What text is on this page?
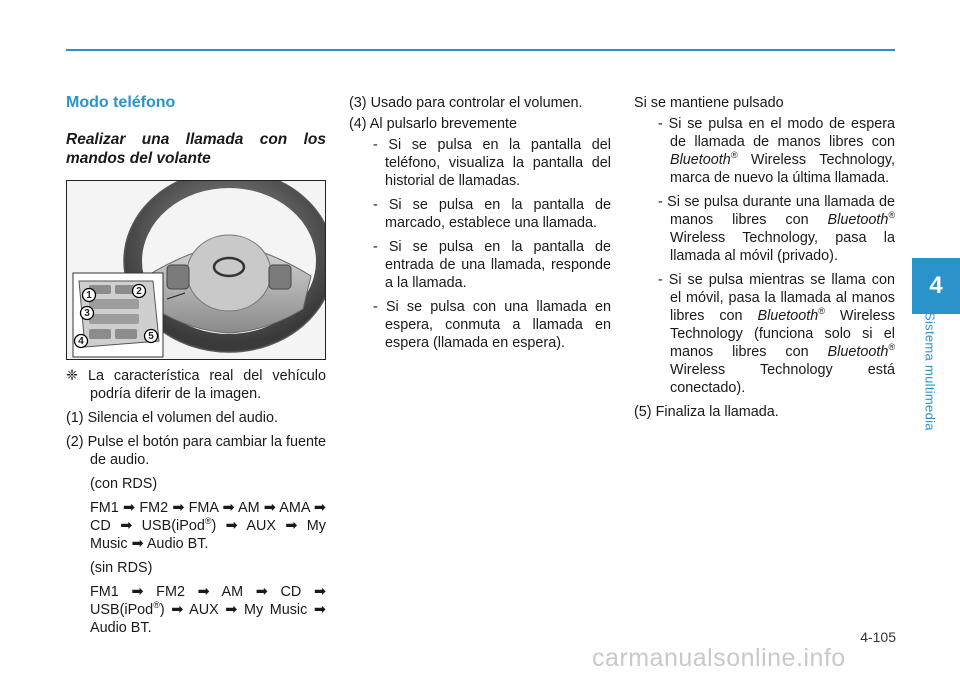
4
Sistema multimedia
Modo teléfono
Realizar una llamada con los mandos del volante
1	2
3
4	5

❈ La característica real del vehículo podría diferir de la imagen.

(1) Silencia el volumen del audio.

(2) Pulse el botón para cambiar la fuente de audio.

(con RDS)

FM1 ➡ FM2 ➡ FMA ➡ AM ➡ AMA ➡ CD ➡ USB(iPod®) ➡ AUX ➡ My Music ➡ Audio BT.

(sin RDS)

FM1 ➡ FM2 ➡ AM ➡ CD ➡ USB(iPod®) ➡ AUX ➡ My Music ➡ Audio BT.

(3) Usado para controlar el volumen.

(4) Al pulsarlo brevemente

- Si se pulsa en la pantalla del teléfono, visualiza la pantalla del historial de llamadas.

- Si se pulsa en la pantalla de marcado, establece una llamada.

- Si se pulsa en la pantalla de entrada de una llamada, responde a la llamada.

- Si se pulsa con una llamada en espera, conmuta a llamada en espera (llamada en espera).

Si se mantiene pulsado

- Si se pulsa en el modo de espera de llamada de manos libres con Bluetooth® Wireless Technology, marca de nuevo la última llamada.

- Si se pulsa durante una llamada de manos libres con Bluetooth® Wireless Technology, pasa la llamada al móvil (privado).

- Si se pulsa mientras se llama con el móvil, pasa la llamada al manos libres con Bluetooth® Wireless Technology (funciona solo si el manos libres con Bluetooth® Wireless Technology está conectado).

(5) Finaliza la llamada.

4-105
carmanualsonline.info
